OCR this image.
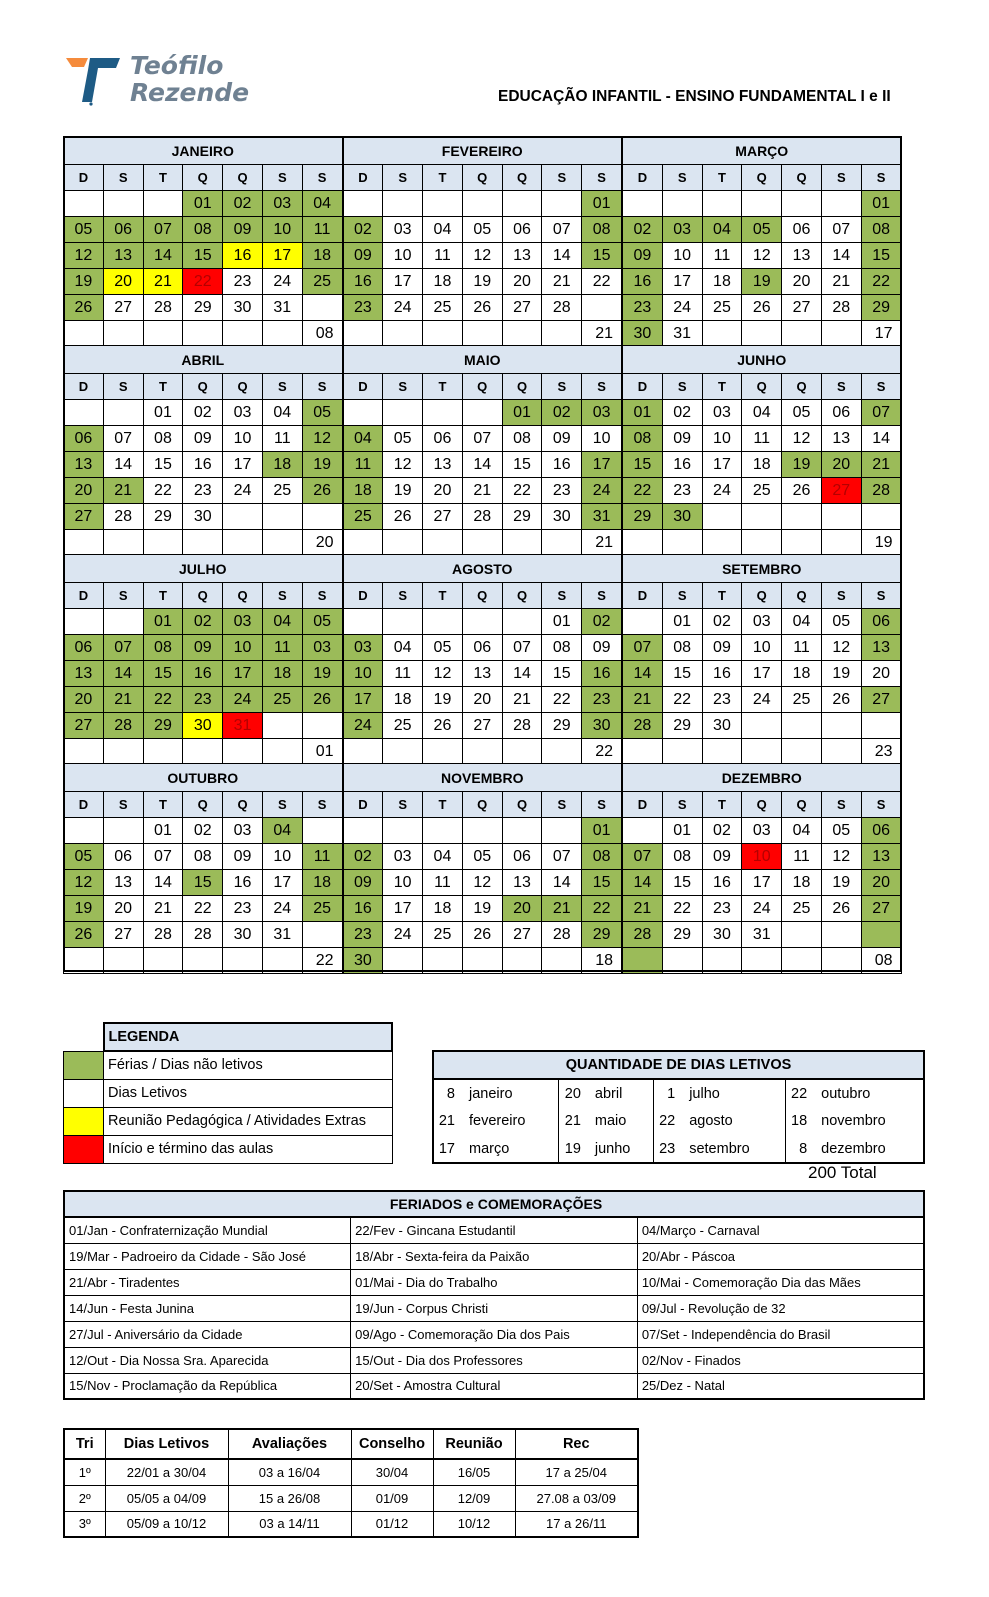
Teófilo
Rezende	EDUCAÇÃO INFANTIL - ENSINO FUNDAMENTAL I e II
JANEIRO						
D	S	T	Q	Q	S	S
			01	02	03	04
05	06	07	08	09	10	11
12	13	14	15	16	17	18
19	20	21	22	23	24	25
26	27	28	29	30	31	
						08
FEVEREIRO						
D	S	T	Q	Q	S	S
						01
02	03	04	05	06	07	08
09	10	11	12	13	14	15
16	17	18	19	20	21	22
23	24	25	26	27	28	
						21
MARÇO						
D	S	T	Q	Q	S	S
						01
02	03	04	05	06	07	08
09	10	11	12	13	14	15
16	17	18	19	20	21	22
23	24	25	26	27	28	29
30	31					17
ABRIL						
D	S	T	Q	Q	S	S
		01	02	03	04	05
06	07	08	09	10	11	12
13	14	15	16	17	18	19
20	21	22	23	24	25	26
27	28	29	30			
						20
MAIO						
D	S	T	Q	Q	S	S
				01	02	03
04	05	06	07	08	09	10
11	12	13	14	15	16	17
18	19	20	21	22	23	24
25	26	27	28	29	30	31
						21
JUNHO						
D	S	T	Q	Q	S	S
01	02	03	04	05	06	07
08	09	10	11	12	13	14
15	16	17	18	19	20	21
22	23	24	25	26	27	28
29	30					
						19
JULHO						
D	S	T	Q	Q	S	S
		01	02	03	04	05
06	07	08	09	10	11	03
13	14	15	16	17	18	19
20	21	22	23	24	25	26
27	28	29	30	31		
						01
AGOSTO						
D	S	T	Q	Q	S	S
					01	02
03	04	05	06	07	08	09
10	11	12	13	14	15	16
17	18	19	20	21	22	23
24	25	26	27	28	29	30
						22
SETEMBRO						
D	S	T	Q	Q	S	S
	01	02	03	04	05	06
07	08	09	10	11	12	13
14	15	16	17	18	19	20
21	22	23	24	25	26	27
28	29	30				
						23
OUTUBRO						
D	S	T	Q	Q	S	S
		01	02	03	04	
05	06	07	08	09	10	11
12	13	14	15	16	17	18
19	20	21	22	23	24	25
26	27	28	28	30	31	
						22
NOVEMBRO						
D	S	T	Q	Q	S	S
						01
02	03	04	05	06	07	08
09	10	11	12	13	14	15
16	17	18	19	20	21	22
23	24	25	26	27	28	29
30						18
DEZEMBRO						
D	S	T	Q	Q	S	S
	01	02	03	04	05	06
07	08	09	10	11	12	13
14	15	16	17	18	19	20
21	22	23	24	25	26	27
28	29	30	31			
						08
	LEGENDA
	Férias / Dias não letivos
	Dias Letivos
	Reunião Pedagógica / Atividades Extras
	Início e término das aulas
QUANTIDADE DE DIAS LETIVOS							
8	janeiro	20	abril	1	julho	22	outubro
21	fevereiro	21	maio	22	agosto	18	novembro
17	março	19	junho	23	setembro	8	dezembro
200 Total
FERIADOS e COMEMORAÇÕES		
01/Jan - Confraternização Mundial	22/Fev - Gincana Estudantil	04/Março - Carnaval
19/Mar - Padroeiro da Cidade - São José	18/Abr - Sexta-feira da Paixão	20/Abr - Páscoa
21/Abr - Tiradentes	01/Mai - Dia do Trabalho	10/Mai - Comemoração Dia das Mães
14/Jun - Festa Junina	19/Jun - Corpus Christi	09/Jul - Revolução de 32
27/Jul - Aniversário da Cidade	09/Ago - Comemoração Dia dos Pais	07/Set - Independência do Brasil
12/Out - Dia Nossa Sra. Aparecida	15/Out - Dia dos Professores	02/Nov - Finados
15/Nov - Proclamação da República	20/Set - Amostra Cultural	25/Dez - Natal
Tri	Dias Letivos	Avaliações	Conselho	Reunião	Rec
1º	22/01 a 30/04	03 a 16/04	30/04	16/05	17 a 25/04
2º	05/05 a 04/09	15 a 26/08	01/09	12/09	27.08 a 03/09
3º	05/09 a 10/12	03 a 14/11	01/12	10/12	17 a 26/11
